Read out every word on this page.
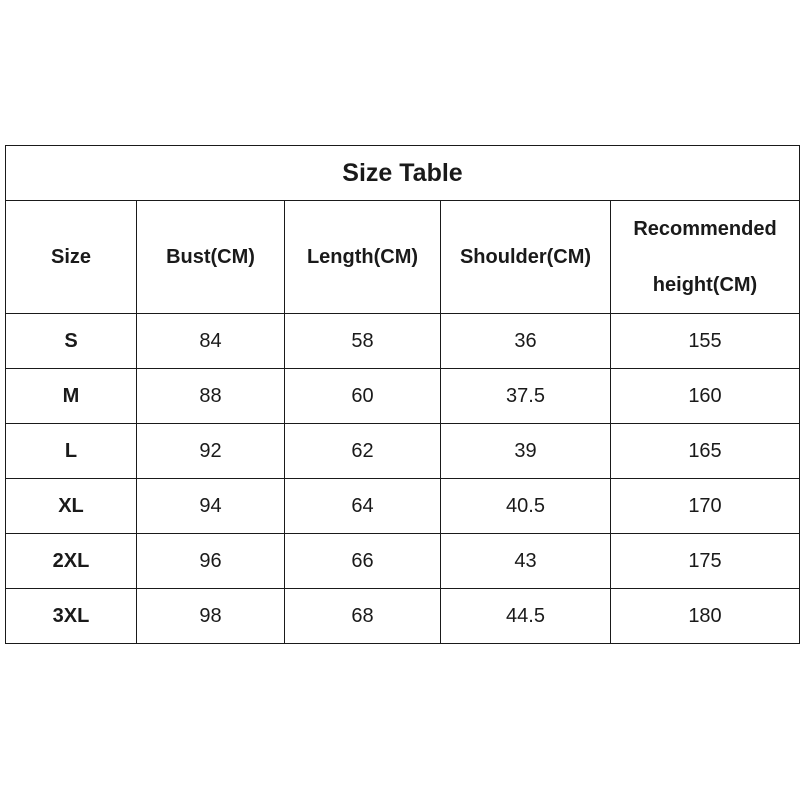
Size Table				
Size	Bust(CM)	Length(CM)	Shoulder(CM)	Recommended
height(CM)

S	84	58	36	155
M	88	60	37.5	160
L	92	62	39	165
XL	94	64	40.5	170
2XL	96	66	43	175
3XL	98	68	44.5	180
